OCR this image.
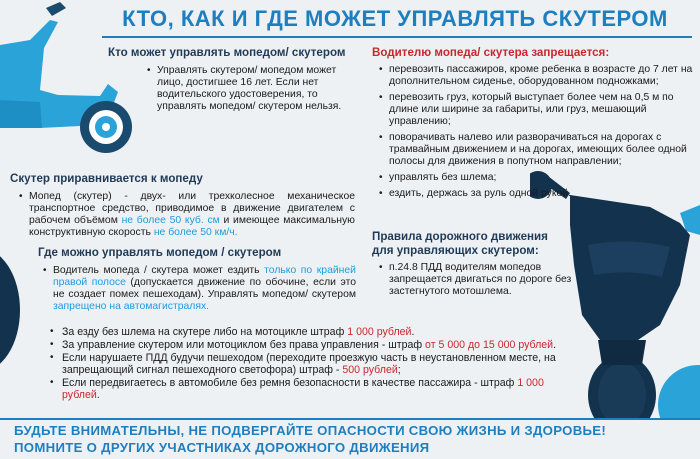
КТО, КАК И ГДЕ МОЖЕТ УПРАВЛЯТЬ СКУТЕРОМ
Кто может управлять мопедом/ скутером

• Управлять скутером/ мопедом может лицо, достигшее 16 лет. Если нет водительского удостоверения, то управлять мопедом/ скутером нельзя.

Скутер приравнивается к мопеду

• Мопед (скутер) - двух- или трехколесное механическое транспортное средство, приводимое в движение двигателем с рабочем объёмом не более 50 куб. см и имеющее максимальную конструктивную скорость не более 50 км/ч.

Где можно управлять мопедом / скутером

• Водитель мопеда / скутера может ездить только по крайней правой полосе (допускается движение по обочине, если это не создает помех пешеходам). Управлять мопедом/ скутером запрещено на автомагистралях.

Водителю мопеда/ скутера запрещается:

• перевозить пассажиров, кроме ребенка в возрасте до 7 лет на дополнительном сиденье, оборудованном подножками;

• перевозить груз, который выступает более чем на 0,5 м по длине или ширине за габариты, или груз, мешающий управлению;

• поворачивать налево или разворачиваться на дорогах с трамвайным движением и на дорогах, имеющих более одной полосы для движения в попутном направлении;

• управлять без шлема;

• ездить, держась за руль одной рукой.

Правила дорожного движения для управляющих скутером:

• п.24.8 ПДД водителям мопедов запрещается двигаться по дороге без застегнутого мотошлема.

• За езду без шлема на скутере либо на мотоцикле штраф 1 000 рублей.

• За управление скутером или мотоциклом без права управления - штраф от 5 000 до 15 000 рублей.

• Если нарушаете ПДД будучи пешеходом (переходите проезжую часть в неустановленном месте, на запрещающий сигнал пешеходного светофора) штраф - 500 рублей;

• Если передвигаетесь в автомобиле без ремня безопасности в качестве пассажира - штраф 1 000 рублей.

БУДЬТЕ ВНИМАТЕЛЬНЫ, НЕ ПОДВЕРГАЙТЕ ОПАСНОСТИ СВОЮ ЖИЗНЬ И ЗДОРОВЬЕ!
ПОМНИТЕ О ДРУГИХ УЧАСТНИКАХ ДОРОЖНОГО ДВИЖЕНИЯ
